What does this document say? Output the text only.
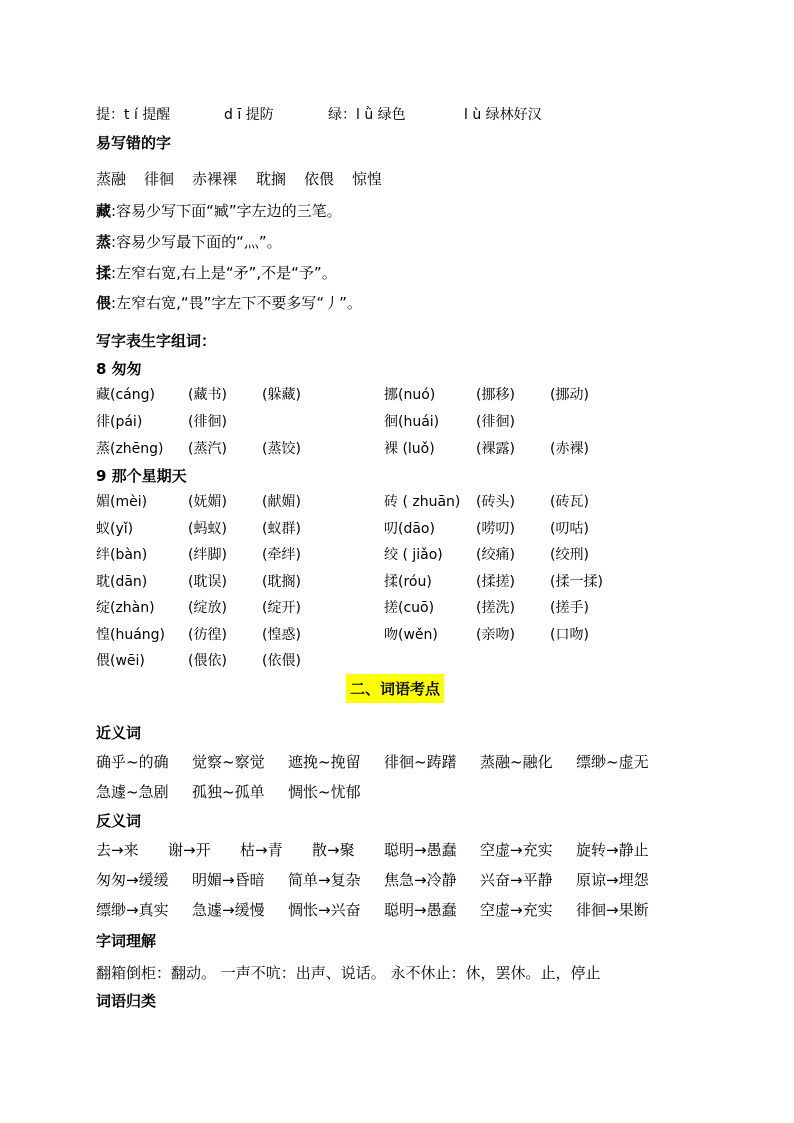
提：t í 提醒	d ī 提防	绿：l ǜ 绿色	l ù 绿林好汉
易写错的字
蒸融 徘徊 赤裸裸 耽搁 依偎 惊惶
藏:容易少写下面“臧”字左边的三笔。
蒸:容易少写最下面的“灬”。
揉:左窄右宽,右上是“矛”,不是“予”。
偎:左窄右宽,“畏”字左下不要多写“丿”。
写字表生字组词：
8 匆匆
藏(cáng) (藏书)	(躲藏)	挪(nuó)	(挪移)	(挪动)
徘(pái)	(徘徊)	徊(huái)	(徘徊)
蒸(zhēng) (蒸汽)	(蒸饺)	裸 (luǒ)	(裸露)	(赤裸)
9 那个星期天
媚(mèi)	(妩媚)	(献媚)	砖 ( zhuān) (砖头)	(砖瓦)
蚁(yǐ)	(蚂蚁)	(蚁群)	叨(dāo)	(唠叨)	(叨咕)
绊(bàn)	(绊脚)	(牵绊)	绞 ( jiǎo) (绞痛)	(绞刑)
耽(dān)	(耽误)	(耽搁)	揉(róu)	(揉搓)	(揉一揉)
绽(zhàn) (绽放)	(绽开)	搓(cuō)	(搓洗)	(搓手)
惶(huáng) (彷徨)	(惶惑)	吻(wěn)	(亲吻)	(口吻)
偎(wēi)	(偎依)	(依偎)
二、词语考点
近义词
确乎~的确 觉察~察觉 遮挽~挽留 徘徊~踌躇 蒸融~融化 缥缈~虚无
急遽~急剧 孤独~孤单 惆怅~忧郁
反义词
去→来 谢→开 枯→青 散→聚 聪明→愚蠢 空虚→充实 旋转→静止
匆匆→缓缓 明媚→昏暗 简单→复杂 焦急→冷静 兴奋→平静 原谅→埋怨
缥缈→真实 急遽→缓慢 惆怅→兴奋 聪明→愚蠢 空虚→充实 徘徊→果断
字词理解
翻箱倒柜：翻动。 一声不吭：出声、说话。 永不休止：休，罢休。止，停止
词语归类
